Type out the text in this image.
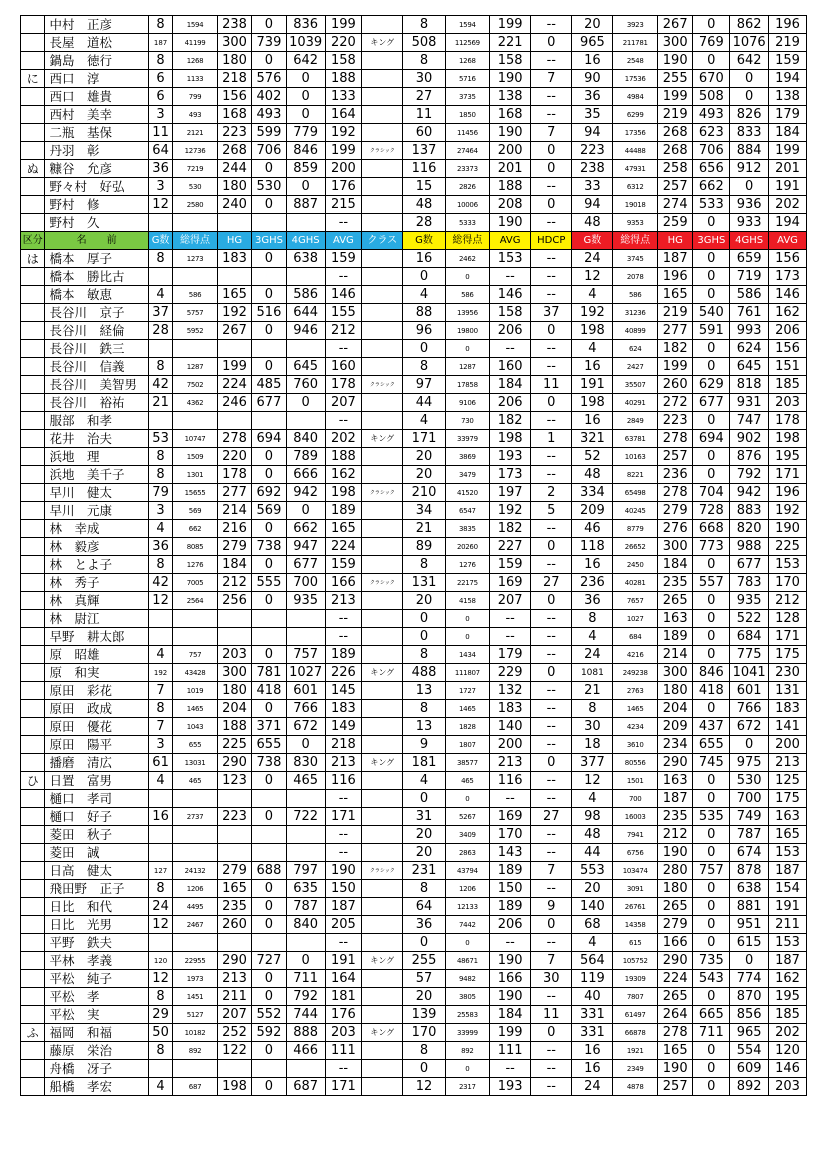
	中村　正彦	8	1594	238	0	836	199		8	1594	199	--	20	3923	267	0	862	196
	長屋　道松	187	41199	300	739	1039	220	キング	508	112569	221	0	965	211781	300	769	1076	219
	鍋島　徳行	8	1268	180	0	642	158		8	1268	158	--	16	2548	190	0	642	159
に	西口　淳	6	1133	218	576	0	188		30	5716	190	7	90	17536	255	670	0	194
	西口　雄貴	6	799	156	402	0	133		27	3735	138	--	36	4984	199	508	0	138
	西村　美幸	3	493	168	493	0	164		11	1850	168	--	35	6299	219	493	826	179
	二瓶　基保	11	2121	223	599	779	192		60	11456	190	7	94	17356	268	623	833	184
	丹羽　彰	64	12736	268	706	846	199	クラシック	137	27464	200	0	223	44488	268	706	884	199
ぬ	糠谷　允彦	36	7219	244	0	859	200		116	23373	201	0	238	47931	258	656	912	201
	野々村　好弘	3	530	180	530	0	176		15	2826	188	--	33	6312	257	662	0	191
	野村　修	12	2580	240	0	887	215		48	10006	208	0	94	19018	274	533	936	202
	野村　久						--		28	5333	190	--	48	9353	259	0	933	194
区分	名　　前	G数	総得点	HG	3GHS	4GHS	AVG	クラス	G数	総得点	AVG	HDCP	G数	総得点	HG	3GHS	4GHS	AVG
は	橋本　厚子	8	1273	183	0	638	159		16	2462	153	--	24	3745	187	0	659	156
	橋本　勝比古						--		0	0	--	--	12	2078	196	0	719	173
	橋本　敏恵	4	586	165	0	586	146		4	586	146	--	4	586	165	0	586	146
	長谷川　京子	37	5757	192	516	644	155		88	13956	158	37	192	31236	219	540	761	162
	長谷川　経倫	28	5952	267	0	946	212		96	19800	206	0	198	40899	277	591	993	206
	長谷川　鉄三						--		0	0	--	--	4	624	182	0	624	156
	長谷川　信義	8	1287	199	0	645	160		8	1287	160	--	16	2427	199	0	645	151
	長谷川　美智男	42	7502	224	485	760	178	クラシック	97	17858	184	11	191	35507	260	629	818	185
	長谷川　裕祐	21	4362	246	677	0	207		44	9106	206	0	198	40291	272	677	931	203
	服部　和孝						--		4	730	182	--	16	2849	223	0	747	178
	花井　治夫	53	10747	278	694	840	202	キング	171	33979	198	1	321	63781	278	694	902	198
	浜地　理	8	1509	220	0	789	188		20	3869	193	--	52	10163	257	0	876	195
	浜地　美千子	8	1301	178	0	666	162		20	3479	173	--	48	8221	236	0	792	171
	早川　健太	79	15655	277	692	942	198	クラシック	210	41520	197	2	334	65498	278	704	942	196
	早川　元康	3	569	214	569	0	189		34	6547	192	5	209	40245	279	728	883	192
	林　幸成	4	662	216	0	662	165		21	3835	182	--	46	8779	276	668	820	190
	林　毅彦	36	8085	279	738	947	224		89	20260	227	0	118	26652	300	773	988	225
	林　とよ子	8	1276	184	0	677	159		8	1276	159	--	16	2450	184	0	677	153
	林　秀子	42	7005	212	555	700	166	クラシック	131	22175	169	27	236	40281	235	557	783	170
	林　真輝	12	2564	256	0	935	213		20	4158	207	0	36	7657	265	0	935	212
	林　尉江						--		0	0	--	--	8	1027	163	0	522	128
	早野　耕太郎						--		0	0	--	--	4	684	189	0	684	171
	原　昭雄	4	757	203	0	757	189		8	1434	179	--	24	4216	214	0	775	175
	原　和実	192	43428	300	781	1027	226	キング	488	111807	229	0	1081	249238	300	846	1041	230
	原田　彩花	7	1019	180	418	601	145		13	1727	132	--	21	2763	180	418	601	131
	原田　政成	8	1465	204	0	766	183		8	1465	183	--	8	1465	204	0	766	183
	原田　優花	7	1043	188	371	672	149		13	1828	140	--	30	4234	209	437	672	141
	原田　陽平	3	655	225	655	0	218		9	1807	200	--	18	3610	234	655	0	200
	播磨　清広	61	13031	290	738	830	213	キング	181	38577	213	0	377	80556	290	745	975	213
ひ	日置　富男	4	465	123	0	465	116		4	465	116	--	12	1501	163	0	530	125
	樋口　孝司						--		0	0	--	--	4	700	187	0	700	175
	樋口　好子	16	2737	223	0	722	171		31	5267	169	27	98	16003	235	535	749	163
	菱田　秋子						--		20	3409	170	--	48	7941	212	0	787	165
	菱田　誠						--		20	2863	143	--	44	6756	190	0	674	153
	日高　健太	127	24132	279	688	797	190	クラシック	231	43794	189	7	553	103474	280	757	878	187
	飛田野　正子	8	1206	165	0	635	150		8	1206	150	--	20	3091	180	0	638	154
	日比　和代	24	4495	235	0	787	187		64	12133	189	9	140	26761	265	0	881	191
	日比　光男	12	2467	260	0	840	205		36	7442	206	0	68	14358	279	0	951	211
	平野　鉄夫						--		0	0	--	--	4	615	166	0	615	153
	平林　孝義	120	22955	290	727	0	191	キング	255	48671	190	7	564	105752	290	735	0	187
	平松　純子	12	1973	213	0	711	164		57	9482	166	30	119	19309	224	543	774	162
	平松　孝	8	1451	211	0	792	181		20	3805	190	--	40	7807	265	0	870	195
	平松　実	29	5127	207	552	744	176		139	25583	184	11	331	61497	264	665	856	185
ふ	福岡　和福	50	10182	252	592	888	203	キング	170	33999	199	0	331	66878	278	711	965	202
	藤原　栄治	8	892	122	0	466	111		8	892	111	--	16	1921	165	0	554	120
	舟橋　冴子						--		0	0	--	--	16	2349	190	0	609	146
	船橋　孝宏	4	687	198	0	687	171		12	2317	193	--	24	4878	257	0	892	203
